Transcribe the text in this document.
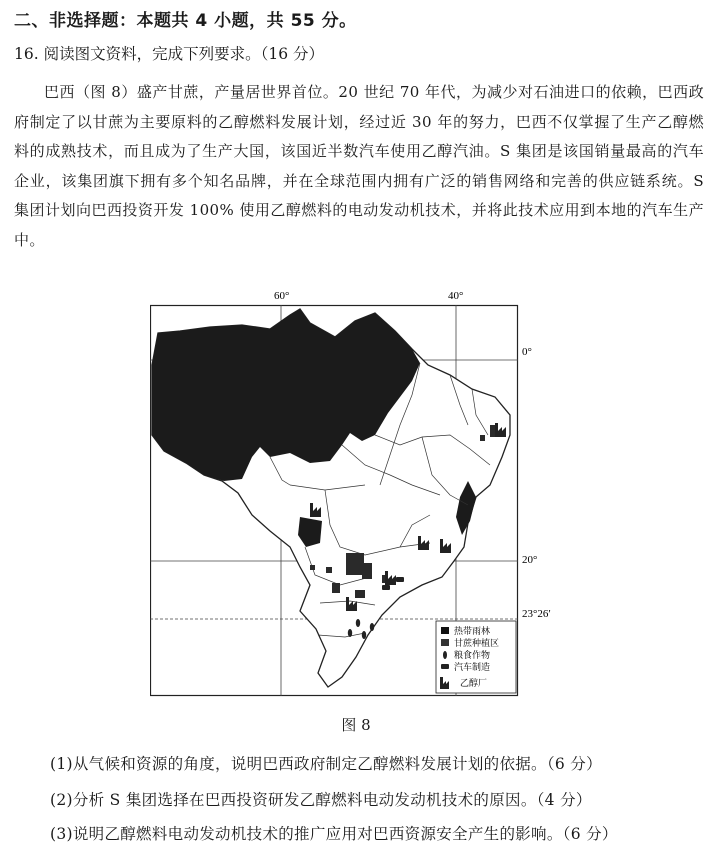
二、非选择题：本题共 4 小题，共 55 分。
16. 阅读图文资料，完成下列要求。（16 分）
巴西（图 8）盛产甘蔗，产量居世界首位。20 世纪 70 年代，为减少对石油进口的依赖，巴西政府制定了以甘蔗为主要原料的乙醇燃料发展计划，经过近 30 年的努力，巴西不仅掌握了生产乙醇燃料的成熟技术，而且成为了生产大国，该国近半数汽车使用乙醇汽油。S 集团是该国销量最高的汽车企业，该集团旗下拥有多个知名品牌，并在全球范围内拥有广泛的销售网络和完善的供应链系统。S 集团计划向巴西投资开发 100% 使用乙醇燃料的电动发动机技术，并将此技术应用到本地的汽车生产中。
60°	40°
0°
20°
23°26′
热带雨林
甘蔗种植区
粮食作物
汽车制造
乙醇厂
图 8
(1)从气候和资源的角度，说明巴西政府制定乙醇燃料发展计划的依据。（6 分）
(2)分析 S 集团选择在巴西投资研发乙醇燃料电动发动机技术的原因。（4 分）
(3)说明乙醇燃料电动发动机技术的推广应用对巴西资源安全产生的影响。（6 分）
